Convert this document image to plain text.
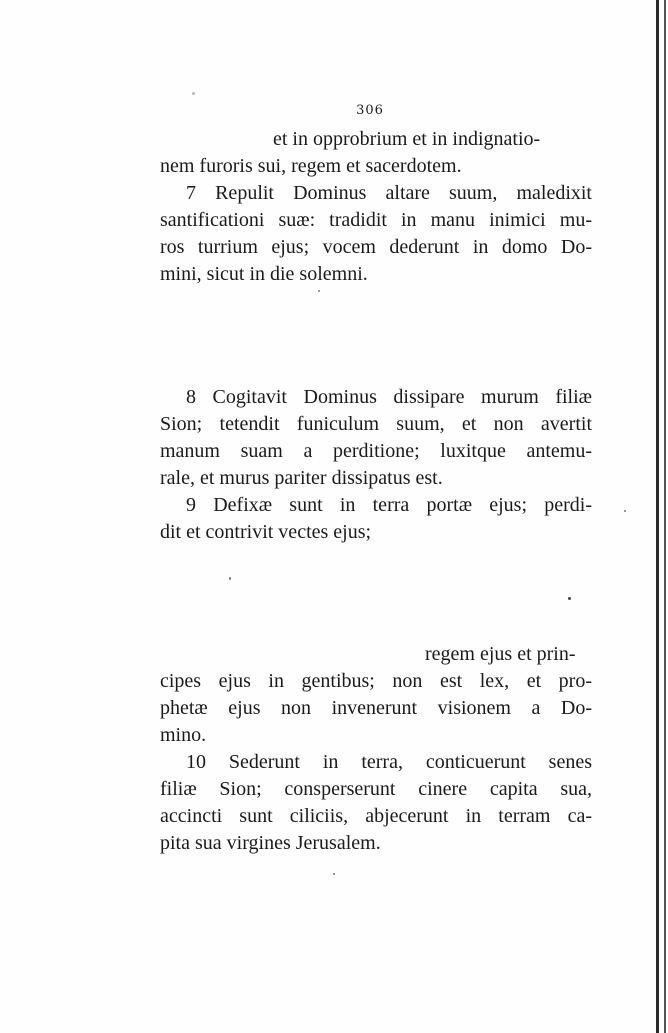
306
et in opprobrium et in indignatio-
nem furoris sui, regem et sacerdotem.
7 Repulit Dominus altare suum, maledixit
santificationi suæ: tradidit in manu inimici mu-
ros turrium ejus; vocem dederunt in domo Do-
mini, sicut in die solemni.
8 Cogitavit Dominus dissipare murum filiæ
Sion; tetendit funiculum suum, et non avertit
manum suam a perditione; luxitque antemu-
rale, et murus pariter dissipatus est.
9 Defixæ sunt in terra portæ ejus; perdi-
dit et contrivit vectes ejus;
regem ejus et prin-
cipes ejus in gentibus; non est lex, et pro-
phetæ ejus non invenerunt visionem a Do-
mino.
10 Sederunt in terra, conticuerunt senes
filiæ Sion; consperserunt cinere capita sua,
accincti sunt ciliciis, abjecerunt in terram ca-
pita sua virgines Jerusalem.
